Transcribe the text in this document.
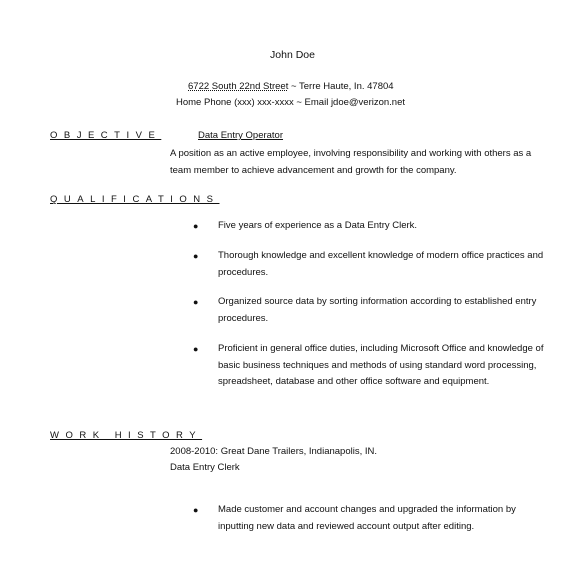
John Doe
6722 South 22nd Street ~ Terre Haute, In. 47804
Home Phone (xxx) xxx-xxxx ~ Email jdoe@verizon.net
OBJECTIVE	Data Entry Operator
A position as an active employee, involving responsibility and working with others as a team member to achieve advancement and growth for the company.
QUALIFICATIONS
● Five years of experience as a Data Entry Clerk.
● Thorough knowledge and excellent knowledge of modern office practices and procedures.
● Organized source data by sorting information according to established entry procedures.
● Proficient in general office duties, including Microsoft Office and knowledge of basic business techniques and methods of using standard word processing, spreadsheet, database and other office software and equipment.
WORK HISTORY
2008-2010: Great Dane Trailers, Indianapolis, IN.
Data Entry Clerk
● Made customer and account changes and upgraded the information by inputting new data and reviewed account output after editing.
